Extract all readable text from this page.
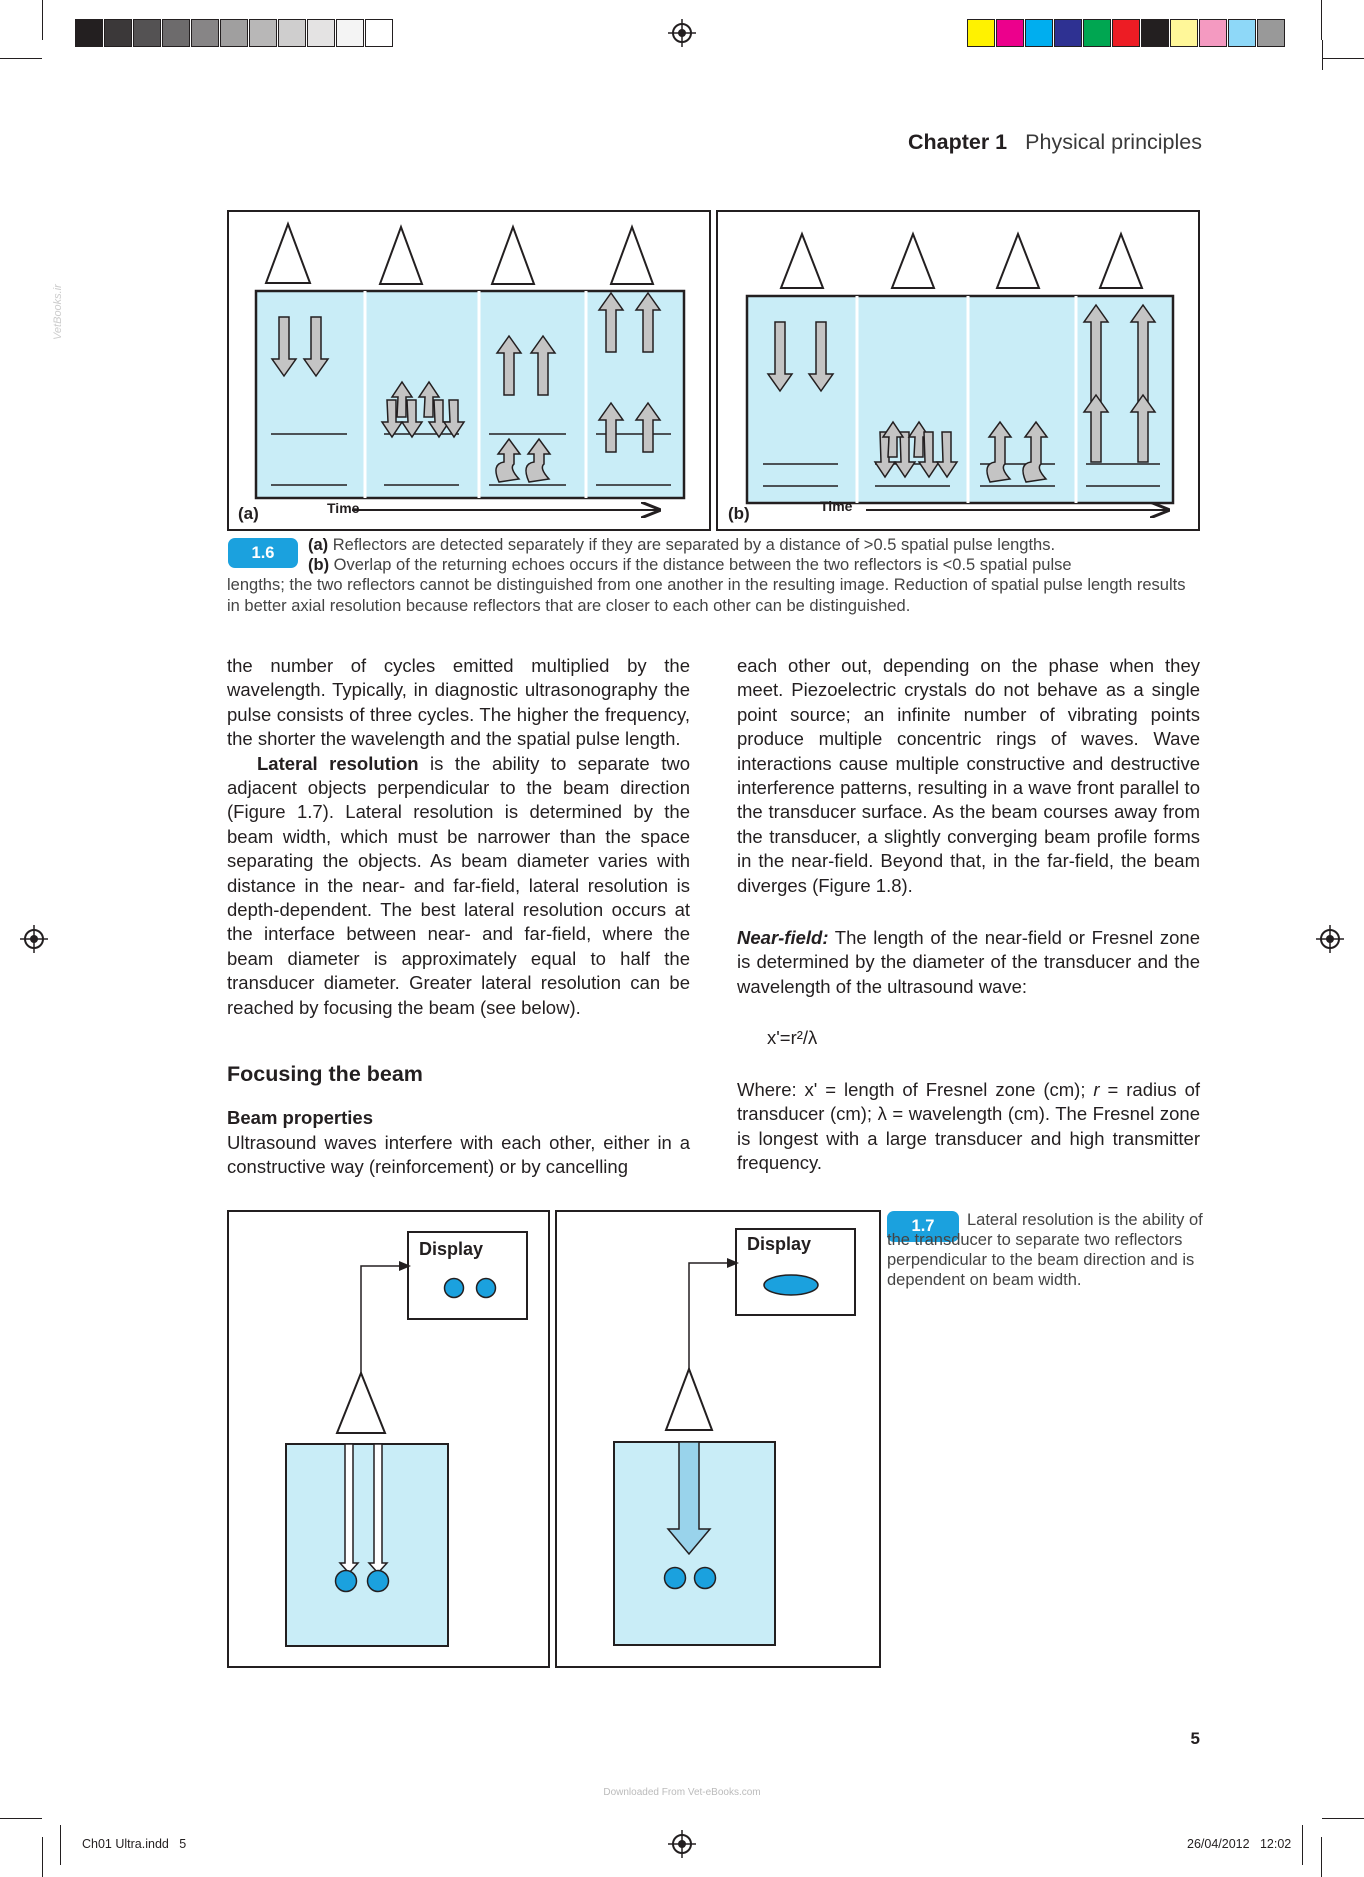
VetBooks.ir
Chapter 1 Physical principles
(a)	Time	(b)	Time
1.6	(a) Reflectors are detected separately if they are separated by a distance of >0.5 spatial pulse lengths.
(b) Overlap of the returning echoes occurs if the distance between the two reflectors is <0.5 spatial pulse
lengths; the two reflectors cannot be distinguished from one another in the resulting image. Reduction of spatial pulse length results in better axial resolution because reflectors that are closer to each other can be distinguished.

the number of cycles emitted multiplied by the wavelength. Typically, in diagnostic ultrasonography the pulse consists of three cycles. The higher the frequency, the shorter the wavelength and the spatial pulse length.

Lateral resolution is the ability to separate two adjacent objects perpendicular to the beam direction (Figure 1.7). Lateral resolution is determined by the beam width, which must be narrower than the space separating the objects. As beam diameter varies with distance in the near- and far-field, lateral resolution is depth-dependent. The best lateral resolution occurs at the interface between near- and far-field, where the beam diameter is approximately equal to half the transducer diameter. Greater lateral resolution can be reached by focusing the beam (see below).

Focusing the beam
Beam properties
Ultrasound waves interfere with each other, either in a constructive way (reinforcement) or by cancelling

each other out, depending on the phase when they meet. Piezoelectric crystals do not behave as a single point source; an infinite number of vibrating points produce multiple concentric rings of waves. Wave interactions cause multiple constructive and destructive interference patterns, resulting in a wave front parallel to the transducer surface. As the beam courses away from the transducer, a slightly converging beam profile forms in the near-field. Beyond that, in the far-field, the beam diverges (Figure 1.8).

Near-field: The length of the near-field or Fresnel zone is determined by the diameter of the transducer and the wavelength of the ultrasound wave:
x'=r²/λ
Where: x' = length of Fresnel zone (cm); r = radius of transducer (cm); λ = wavelength (cm). The Fresnel zone is longest with a large transducer and high transmitter frequency.
Display	Display
1.7	Lateral resolution is the ability of the transducer to separate two reflectors perpendicular to the beam direction and is dependent on beam width.
5
Downloaded From Vet-eBooks.com
Ch01 Ultra.indd   5	26/04/2012   12:02
